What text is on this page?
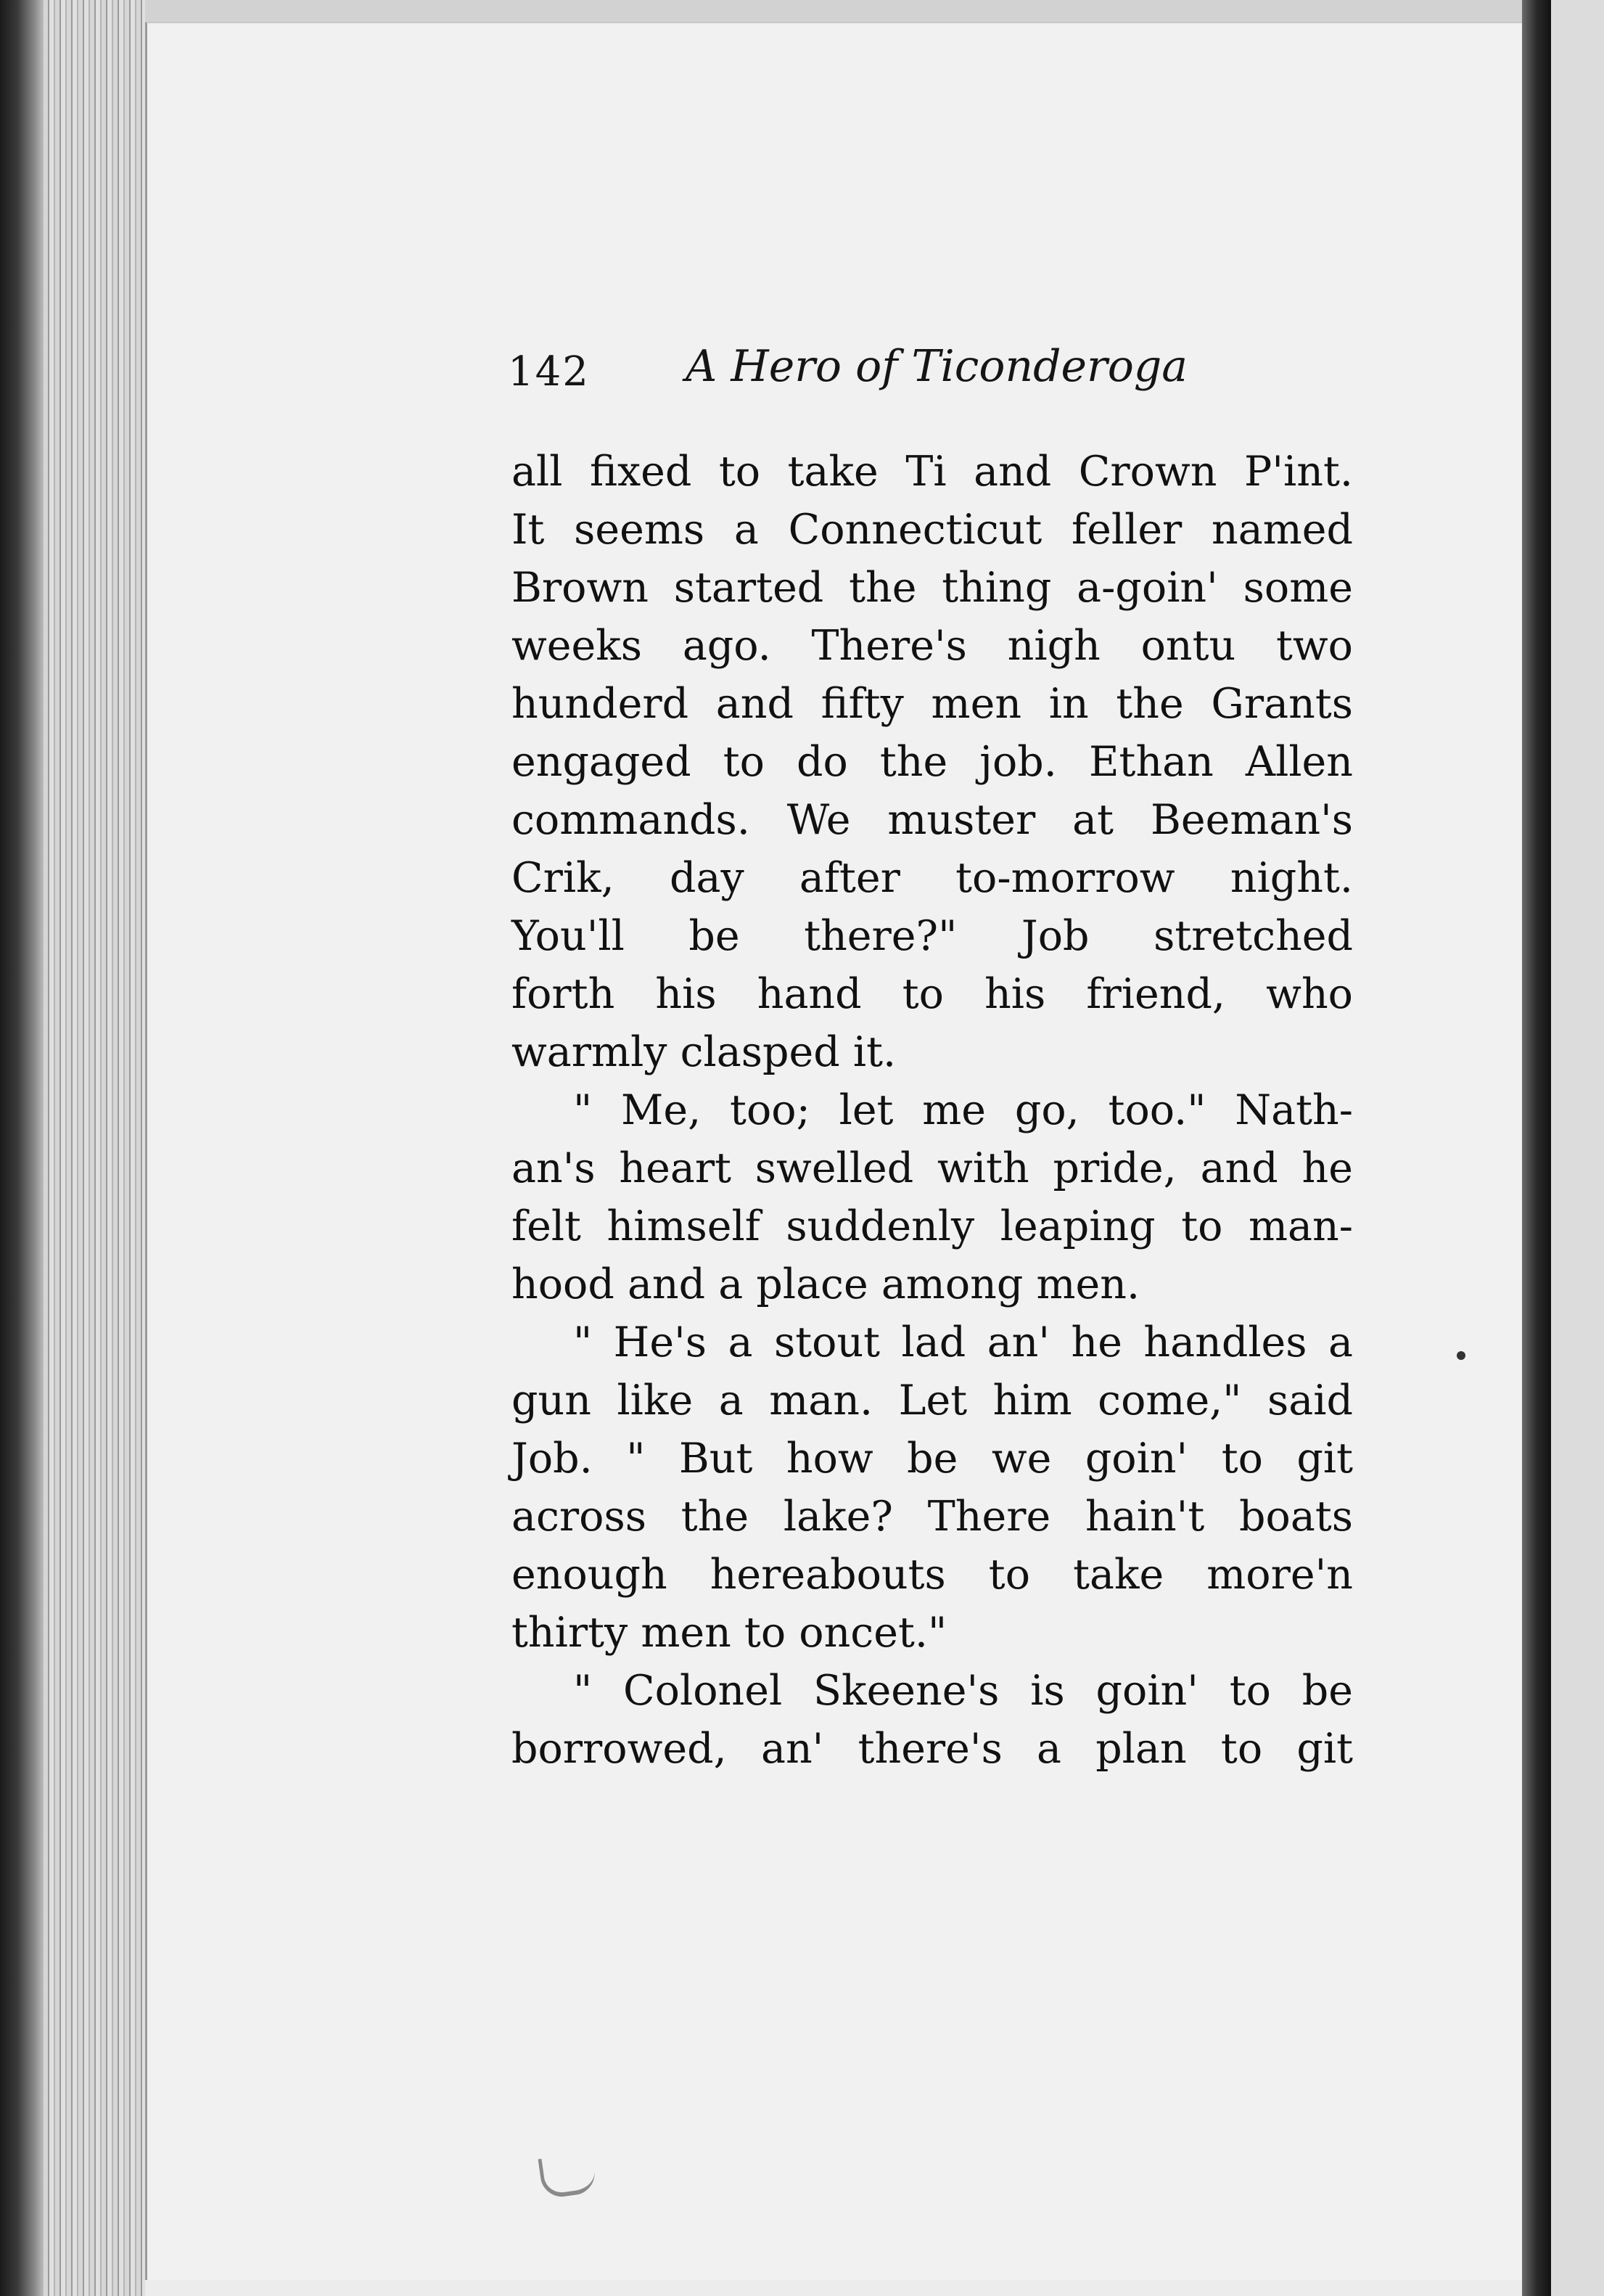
142 A Hero of Ticonderoga
all fixed to take Ti and Crown P'int.
It seems a Connecticut feller named
Brown started the thing a-goin' some
weeks ago. There's nigh ontu two
hunderd and fifty men in the Grants
engaged to do the job. Ethan Allen
commands. We muster at Beeman's
Crik, day after to-morrow night.
You'll be there?" Job stretched
forth his hand to his friend, who
warmly clasped it.
" Me, too; let me go, too." Nath-
an's heart swelled with pride, and he
felt himself suddenly leaping to man-
hood and a place among men.
" He's a stout lad an' he handles a
gun like a man. Let him come," said
Job. " But how be we goin' to git
across the lake? There hain't boats
enough hereabouts to take more'n
thirty men to oncet."
" Colonel Skeene's is goin' to be
borrowed, an' there's a plan to git
